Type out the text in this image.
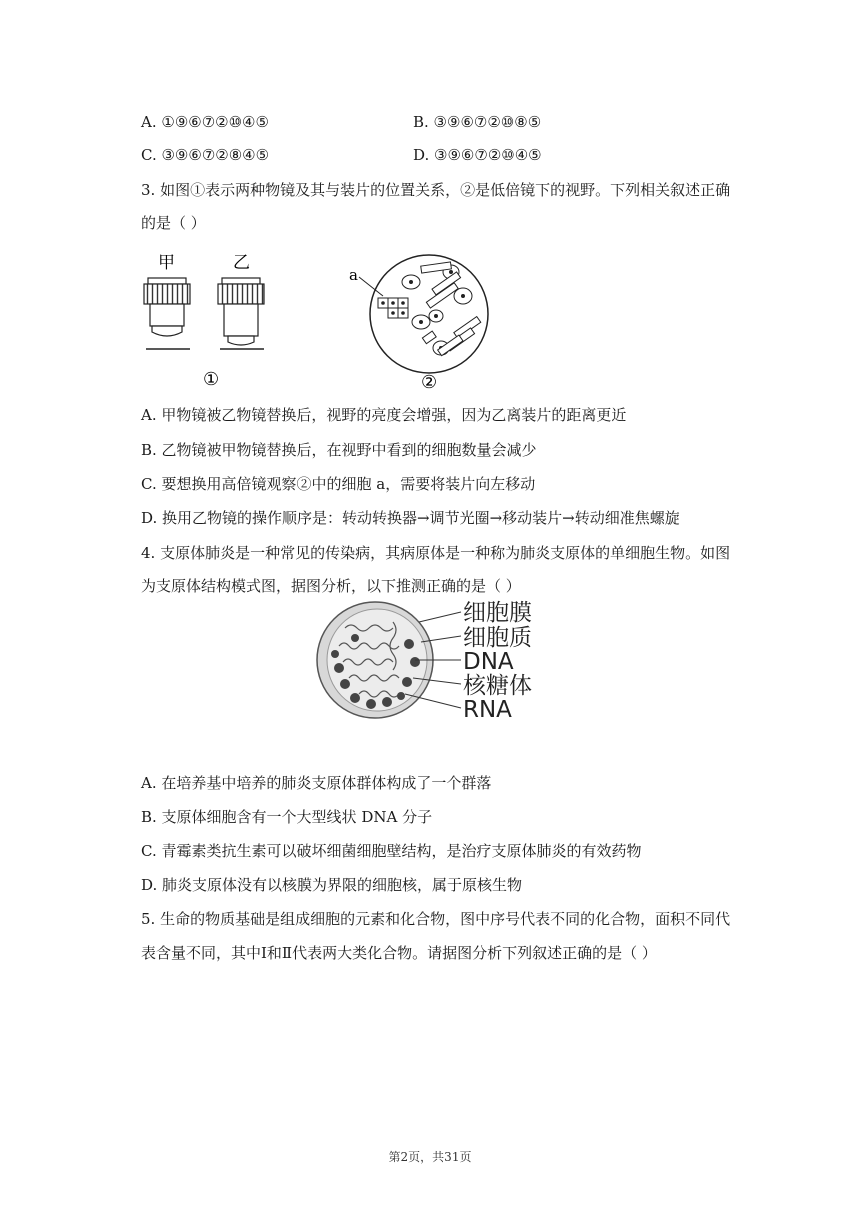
A. ①⑨⑥⑦②⑩④⑤	B. ③⑨⑥⑦②⑩⑧⑤
C. ③⑨⑥⑦②⑧④⑤	D. ③⑨⑥⑦②⑩④⑤
3. 如图①表示两种物镜及其与装片的位置关系，②是低倍镜下的视野。下列相关叙述正确
的是（ ）
甲	乙
①
a
②
A. 甲物镜被乙物镜替换后，视野的亮度会增强，因为乙离装片的距离更近
B. 乙物镜被甲物镜替换后，在视野中看到的细胞数量会减少
C. 要想换用高倍镜观察②中的细胞 a，需要将装片向左移动
D. 换用乙物镜的操作顺序是：转动转换器→调节光圈→移动装片→转动细准焦螺旋
4. 支原体肺炎是一种常见的传染病，其病原体是一种称为肺炎支原体的单细胞生物。如图
为支原体结构模式图，据图分析，以下推测正确的是（ ）
细胞膜
细胞质
DNA
核糖体
RNA
A. 在培养基中培养的肺炎支原体群体构成了一个群落
B. 支原体细胞含有一个大型线状 DNA 分子
C. 青霉素类抗生素可以破坏细菌细胞壁结构，是治疗支原体肺炎的有效药物
D. 肺炎支原体没有以核膜为界限的细胞核，属于原核生物
5. 生命的物质基础是组成细胞的元素和化合物，图中序号代表不同的化合物，面积不同代
表含量不同，其中Ⅰ和Ⅱ代表两大类化合物。请据图分析下列叙述正确的是（ ）
第2页，共31页
